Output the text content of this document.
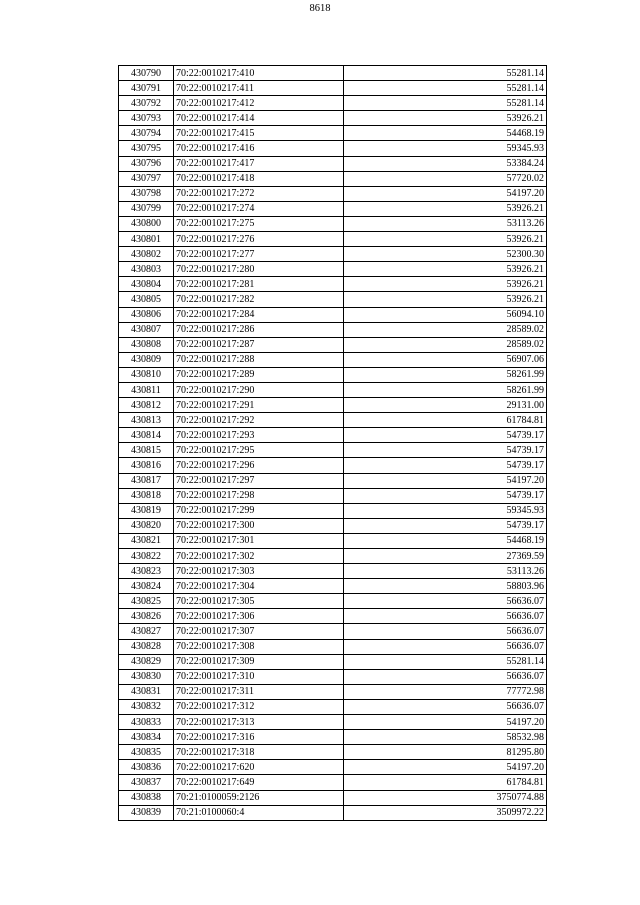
8618
430790	70:22:0010217:410	55281.14
430791	70:22:0010217:411	55281.14
430792	70:22:0010217:412	55281.14
430793	70:22:0010217:414	53926.21
430794	70:22:0010217:415	54468.19
430795	70:22:0010217:416	59345.93
430796	70:22:0010217:417	53384.24
430797	70:22:0010217:418	57720.02
430798	70:22:0010217:272	54197.20
430799	70:22:0010217:274	53926.21
430800	70:22:0010217:275	53113.26
430801	70:22:0010217:276	53926.21
430802	70:22:0010217:277	52300.30
430803	70:22:0010217:280	53926.21
430804	70:22:0010217:281	53926.21
430805	70:22:0010217:282	53926.21
430806	70:22:0010217:284	56094.10
430807	70:22:0010217:286	28589.02
430808	70:22:0010217:287	28589.02
430809	70:22:0010217:288	56907.06
430810	70:22:0010217:289	58261.99
430811	70:22:0010217:290	58261.99
430812	70:22:0010217:291	29131.00
430813	70:22:0010217:292	61784.81
430814	70:22:0010217:293	54739.17
430815	70:22:0010217:295	54739.17
430816	70:22:0010217:296	54739.17
430817	70:22:0010217:297	54197.20
430818	70:22:0010217:298	54739.17
430819	70:22:0010217:299	59345.93
430820	70:22:0010217:300	54739.17
430821	70:22:0010217:301	54468.19
430822	70:22:0010217:302	27369.59
430823	70:22:0010217:303	53113.26
430824	70:22:0010217:304	58803.96
430825	70:22:0010217:305	56636.07
430826	70:22:0010217:306	56636.07
430827	70:22:0010217:307	56636.07
430828	70:22:0010217:308	56636.07
430829	70:22:0010217:309	55281.14
430830	70:22:0010217:310	56636.07
430831	70:22:0010217:311	77772.98
430832	70:22:0010217:312	56636.07
430833	70:22:0010217:313	54197.20
430834	70:22:0010217:316	58532.98
430835	70:22:0010217:318	81295.80
430836	70:22:0010217:620	54197.20
430837	70:22:0010217:649	61784.81
430838	70:21:0100059:2126	3750774.88
430839	70:21:0100060:4	3509972.22
